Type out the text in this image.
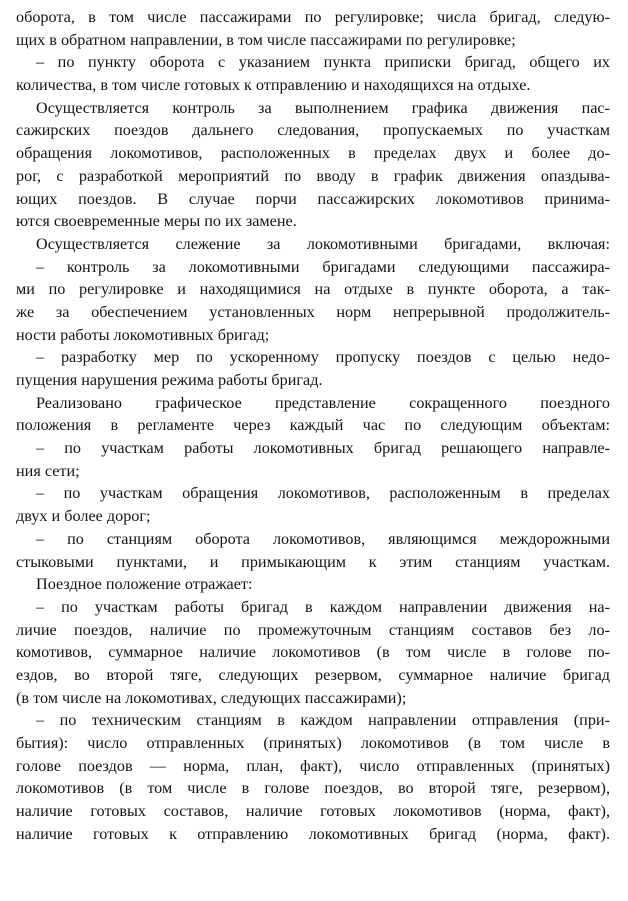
оборота, в том числе пассажирами по регулировке; числа бригад, следую-
щих в обратном направлении, в том числе пассажирами по регулировке;
– по пункту оборота с указанием пункта приписки бригад, общего их
количества, в том числе готовых к отправлению и находящихся на отдыхе.
Осуществляется контроль за выполнением графика движения пас-
сажирских поездов дальнего следования, пропускаемых по участкам
обращения локомотивов, расположенных в пределах двух и более до-
рог, с разработкой мероприятий по вводу в график движения опаздыва-
ющих поездов. В случае порчи пассажирских локомотивов принима-
ются своевременные меры по их замене.
Осуществляется слежение за локомотивными бригадами, включая:
– контроль за локомотивными бригадами следующими пассажира-
ми по регулировке и находящимися на отдыхе в пункте оборота, а так-
же за обеспечением установленных норм непрерывной продолжитель-
ности работы локомотивных бригад;
– разработку мер по ускоренному пропуску поездов с целью недо-
пущения нарушения режима работы бригад.
Реализовано графическое представление сокращенного поездного
положения в регламенте через каждый час по следующим объектам:
– по участкам работы локомотивных бригад решающего направле-
ния сети;
– по участкам обращения локомотивов, расположенным в пределах
двух и более дорог;
– по станциям оборота локомотивов, являющимся междорожными
стыковыми пунктами, и примыкающим к этим станциям участкам.
Поездное положение отражает:
– по участкам работы бригад в каждом направлении движения на-
личие поездов, наличие по промежуточным станциям составов без ло-
комотивов, суммарное наличие локомотивов (в том числе в голове по-
ездов, во второй тяге, следующих резервом, суммарное наличие бригад
(в том числе на локомотивах, следующих пассажирами);
– по техническим станциям в каждом направлении отправления (при-
бытия): число отправленных (принятых) локомотивов (в том числе в
голове поездов — норма, план, факт), число отправленных (принятых)
локомотивов (в том числе в голове поездов, во второй тяге, резервом),
наличие готовых составов, наличие готовых локомотивов (норма, факт),
наличие готовых к отправлению локомотивных бригад (норма, факт).
